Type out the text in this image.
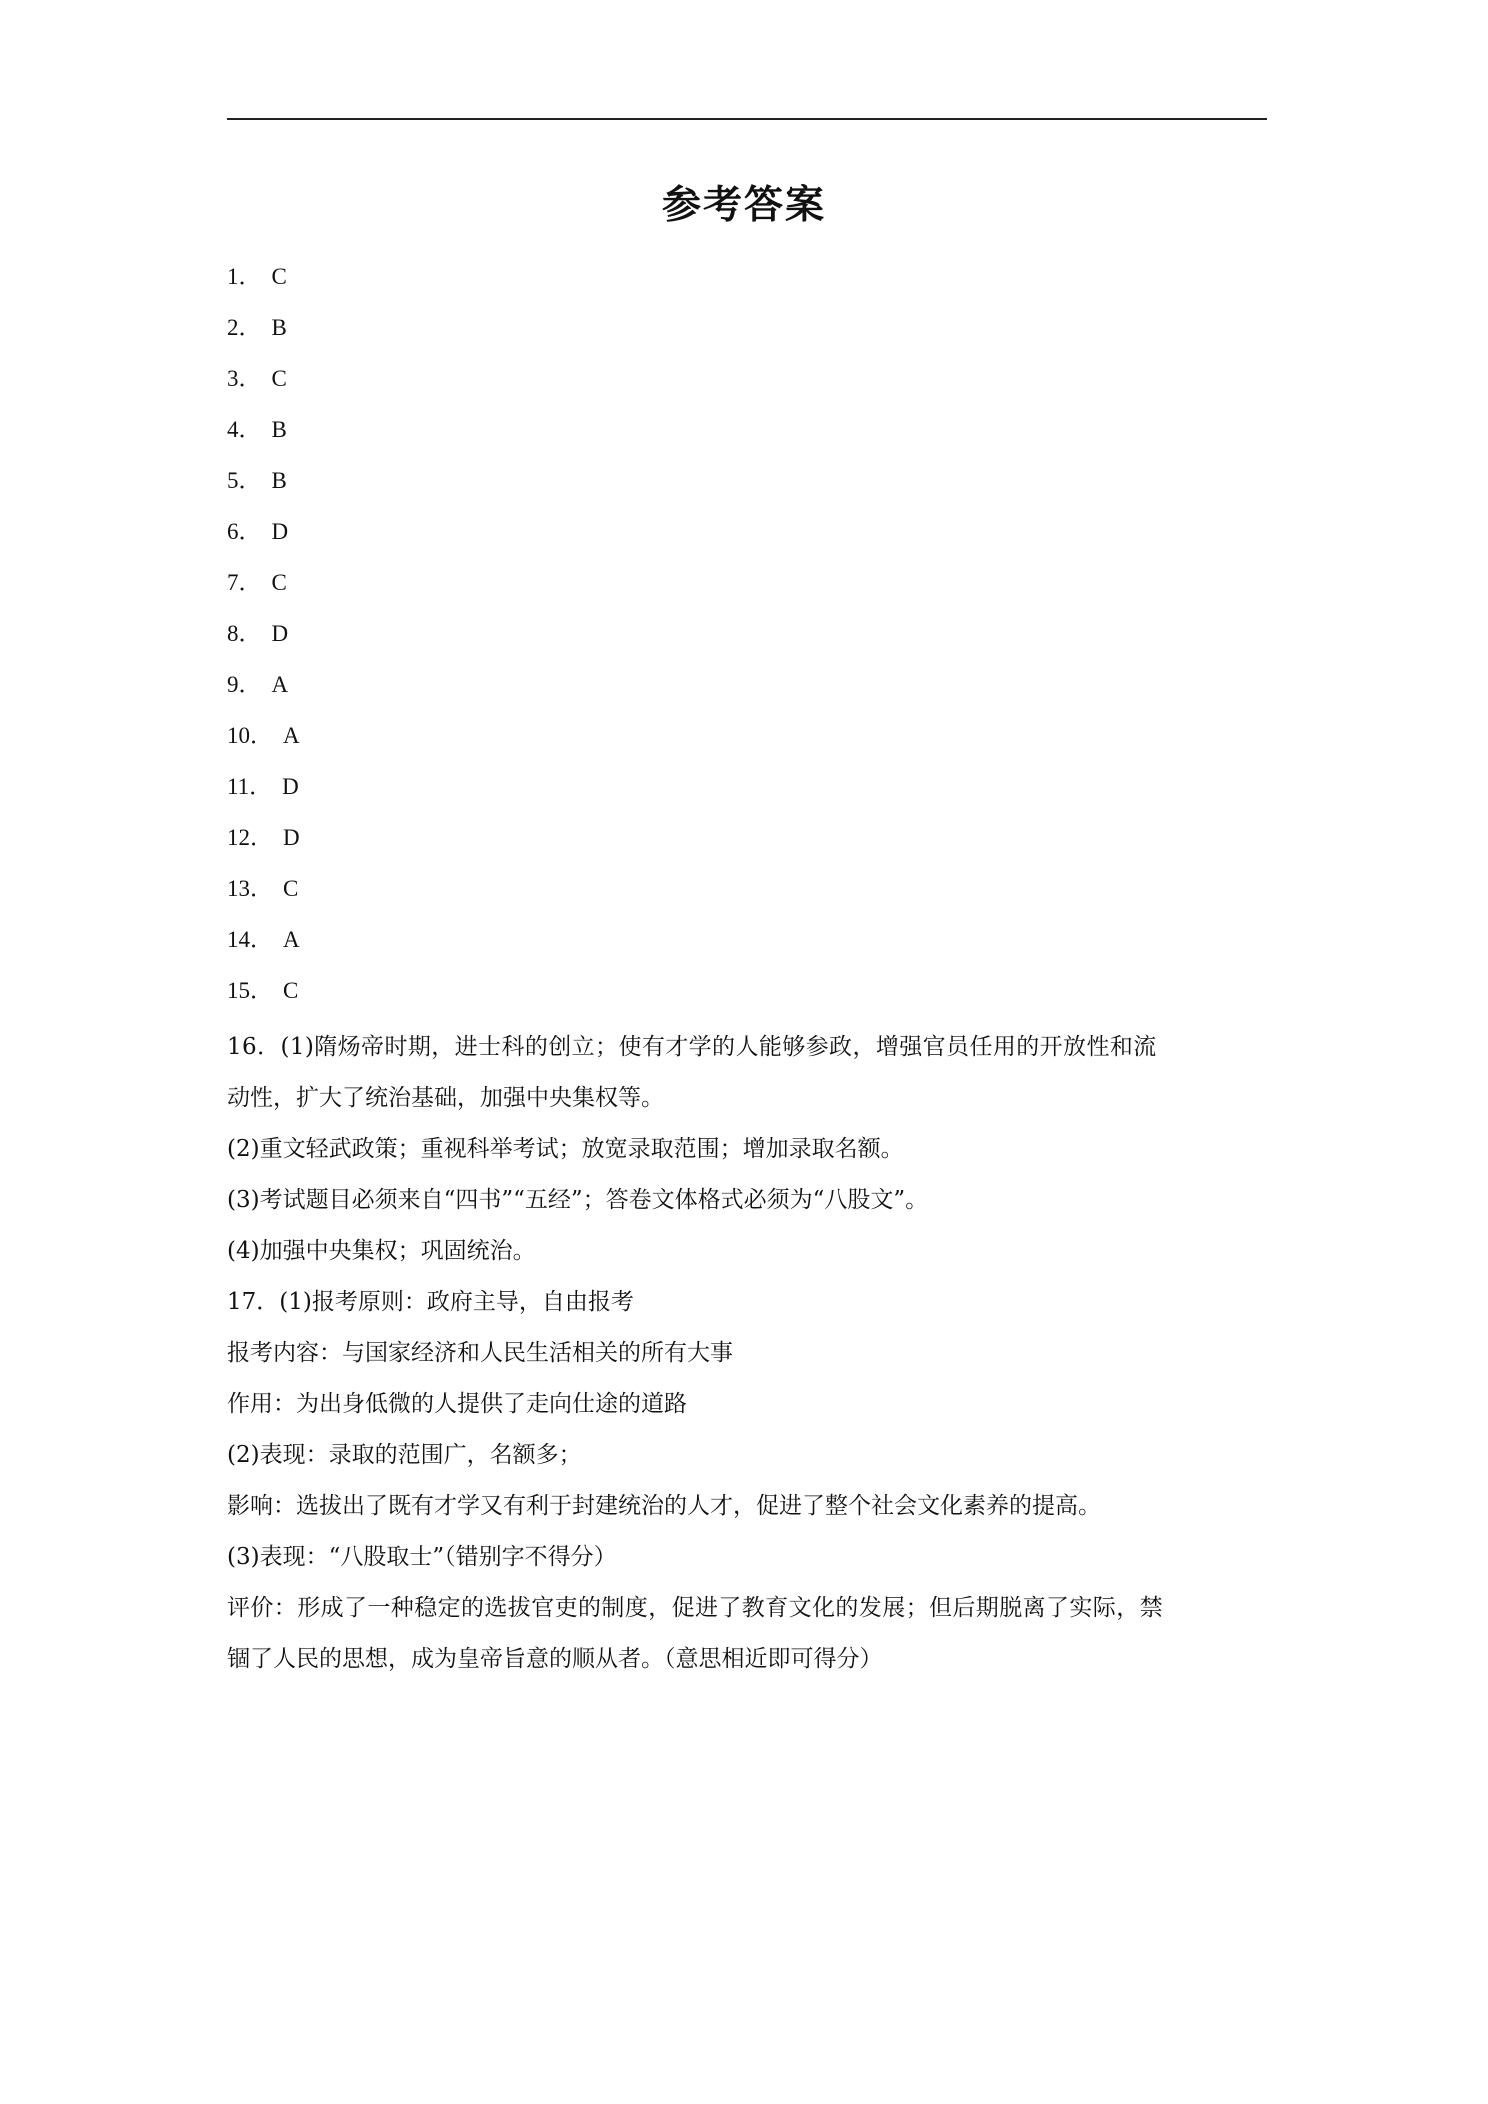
参考答案
1． C
2． B
3． C
4． B
5． B
6． D
7． C
8． D
9． A
10． A
11． D
12． D
13． C
14． A
15． C

16．(1)隋炀帝时期，进士科的创立；使有才学的人能够参政，增强官员任用的开放性和流

动性，扩大了统治基础，加强中央集权等。

(2)重文轻武政策；重视科举考试；放宽录取范围；增加录取名额。

(3)考试题目必须来自“四书”“五经”；答卷文体格式必须为“八股文”。

(4)加强中央集权；巩固统治。

17．(1)报考原则：政府主导，自由报考

报考内容：与国家经济和人民生活相关的所有大事

作用：为出身低微的人提供了走向仕途的道路

(2)表现：录取的范围广，名额多；

影响：选拔出了既有才学又有利于封建统治的人才，促进了整个社会文化素养的提高。

(3)表现：“八股取士”（错别字不得分）

评价：形成了一种稳定的选拔官吏的制度，促进了教育文化的发展；但后期脱离了实际，禁

锢了人民的思想，成为皇帝旨意的顺从者。（意思相近即可得分）
